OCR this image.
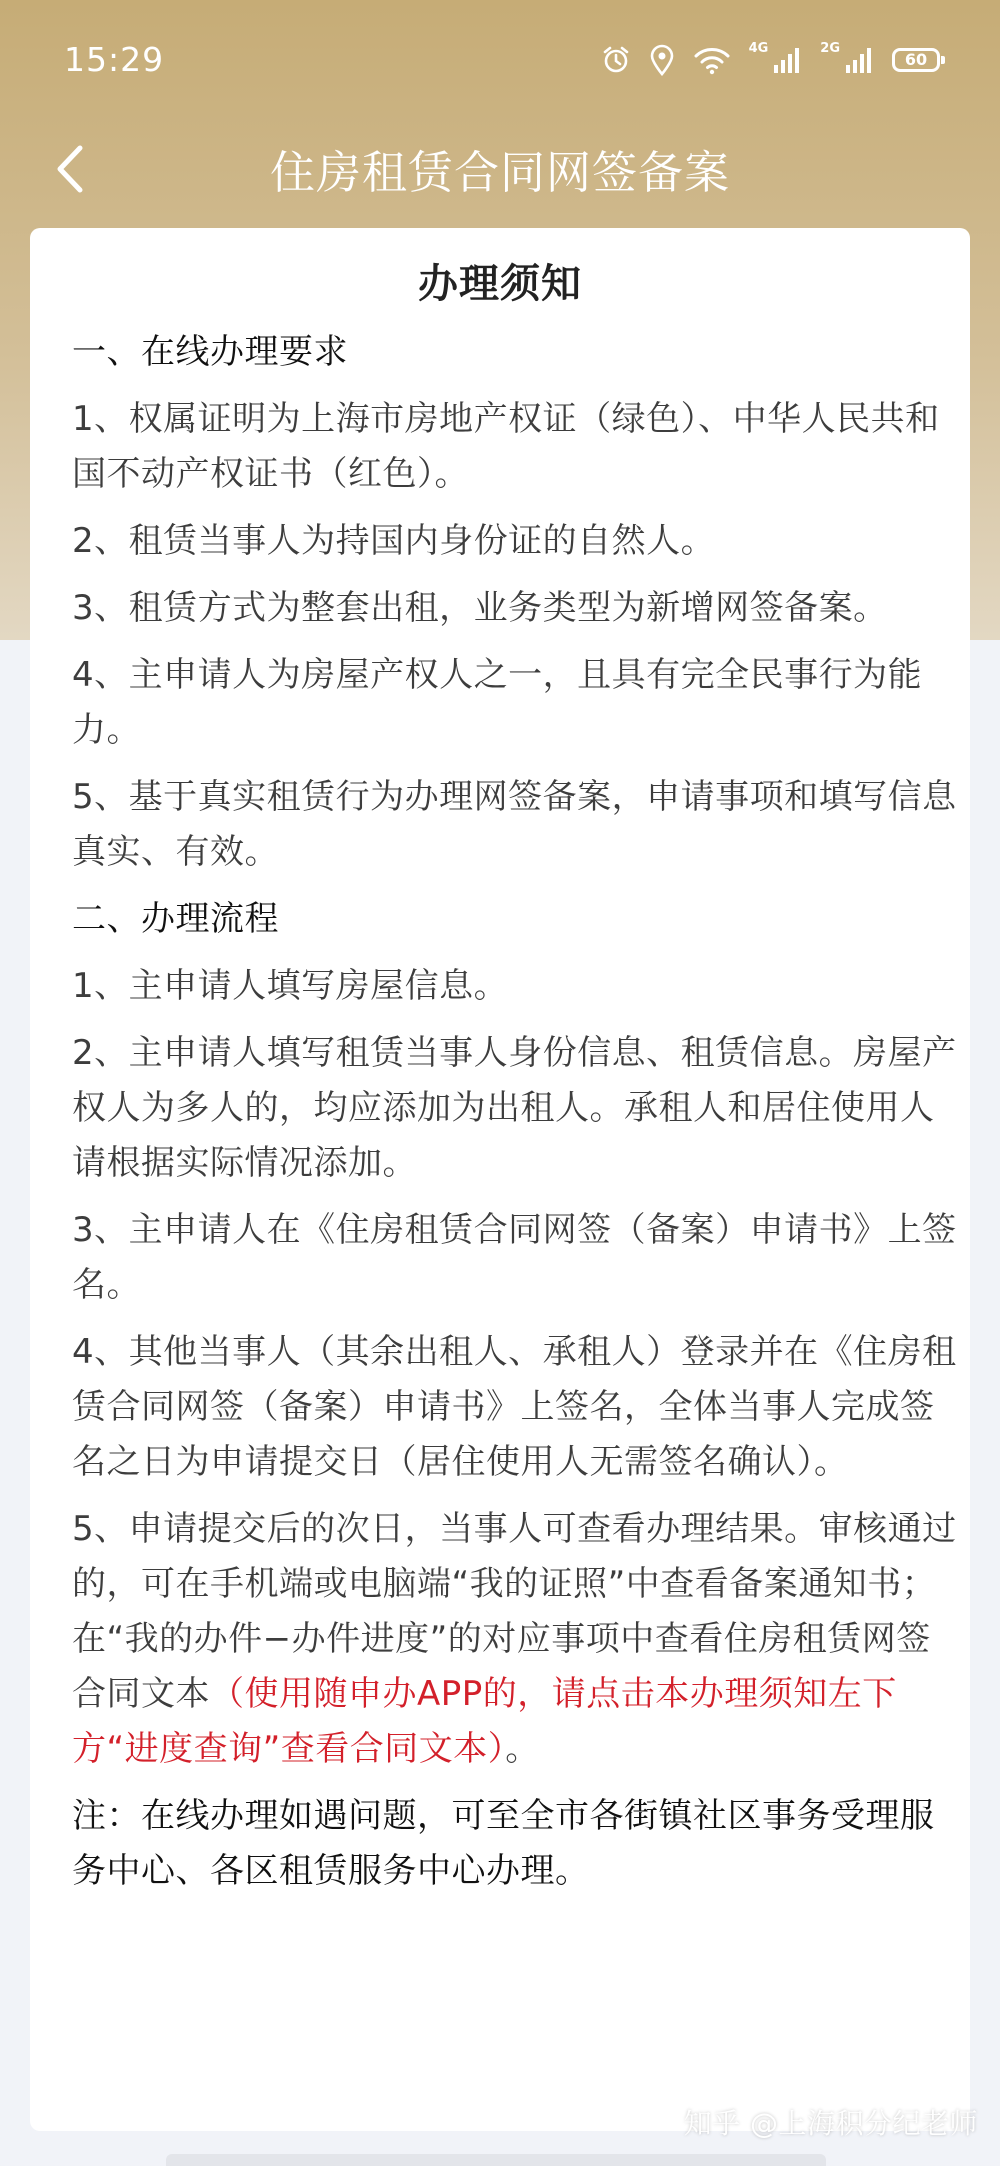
15:29	4G	2G
60
住房租赁合同网签备案
办理须知
一、在线办理要求
1、权属证明为上海市房地产权证（绿色）、中华人民共和国不动产权证书（红色）。
2、租赁当事人为持国内身份证的自然人。
3、租赁方式为整套出租，业务类型为新增网签备案。
4、主申请人为房屋产权人之一，且具有完全民事行为能力。
5、基于真实租赁行为办理网签备案，申请事项和填写信息真实、有效。
二、办理流程
1、主申请人填写房屋信息。
2、主申请人填写租赁当事人身份信息、租赁信息。房屋产权人为多人的，均应添加为出租人。承租人和居住使用人请根据实际情况添加。
3、主申请人在《住房租赁合同网签（备案）申请书》上签名。
4、其他当事人（其余出租人、承租人）登录并在《住房租赁合同网签（备案）申请书》上签名，全体当事人完成签名之日为申请提交日（居住使用人无需签名确认）。
5、申请提交后的次日，当事人可查看办理结果。审核通过的，可在手机端或电脑端“我的证照”中查看备案通知书；在“我的办件−办件进度”的对应事项中查看住房租赁网签合同文本（使用随申办APP的，请点击本办理须知左下方“进度查询”查看合同文本）。
注：在线办理如遇问题，可至全市各街镇社区事务受理服务中心、各区租赁服务中心办理。
知乎 @上海积分纪老师
